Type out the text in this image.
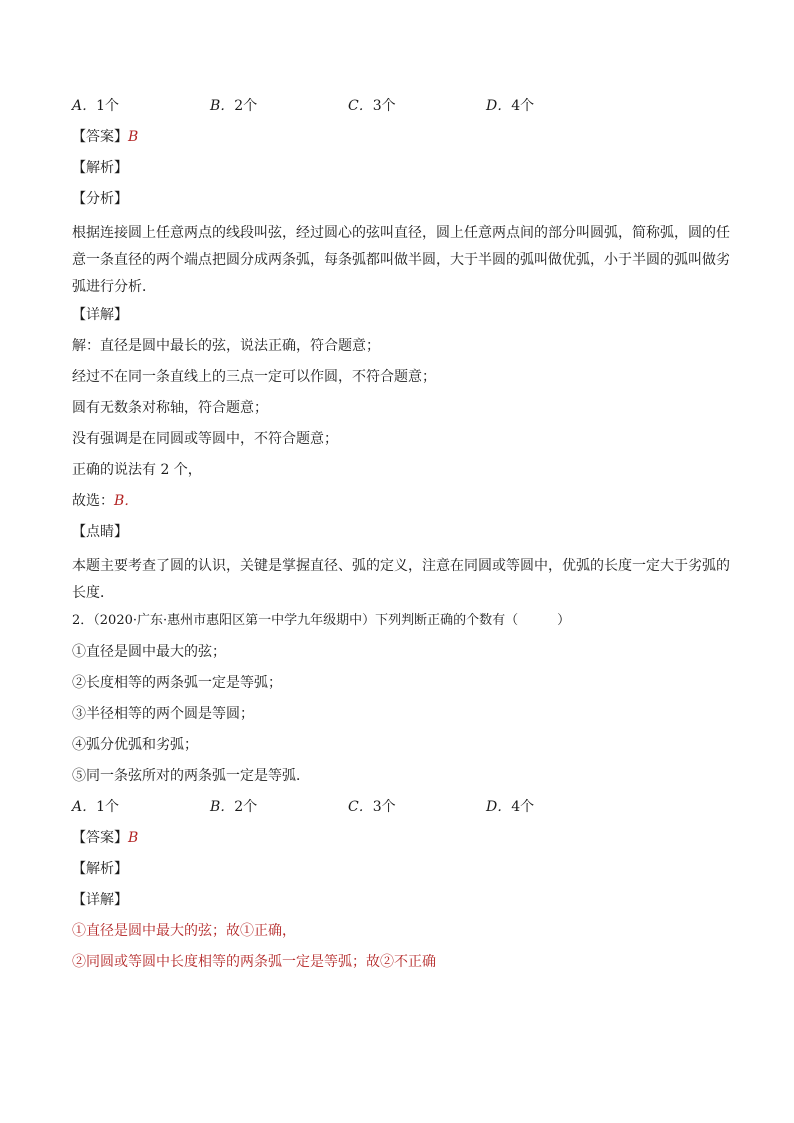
A．1个	B．2个	C．3个	D．4个
【答案】B
【解析】
【分析】
根据连接圆上任意两点的线段叫弦，经过圆心的弦叫直径，圆上任意两点间的部分叫圆弧，简称弧，圆的任意一条直径的两个端点把圆分成两条弧，每条弧都叫做半圆，大于半圆的弧叫做优弧，小于半圆的弧叫做劣弧进行分析．
【详解】
解：直径是圆中最长的弦，说法正确，符合题意；
经过不在同一条直线上的三点一定可以作圆，不符合题意；
圆有无数条对称轴，符合题意；
没有强调是在同圆或等圆中，不符合题意；
正确的说法有 2 个，
故选：B．
【点睛】
本题主要考查了圆的认识，关键是掌握直径、弧的定义，注意在同圆或等圆中，优弧的长度一定大于劣弧的长度．
2．（2020·广东·惠州市惠阳区第一中学九年级期中）下列判断正确的个数有（　　　）
①直径是圆中最大的弦；
②长度相等的两条弧一定是等弧；
③半径相等的两个圆是等圆；
④弧分优弧和劣弧；
⑤同一条弦所对的两条弧一定是等弧．
A．1个	B．2个	C．3个	D．4个
【答案】B
【解析】
【详解】
①直径是圆中最大的弦；故①正确，
②同圆或等圆中长度相等的两条弧一定是等弧；故②不正确
